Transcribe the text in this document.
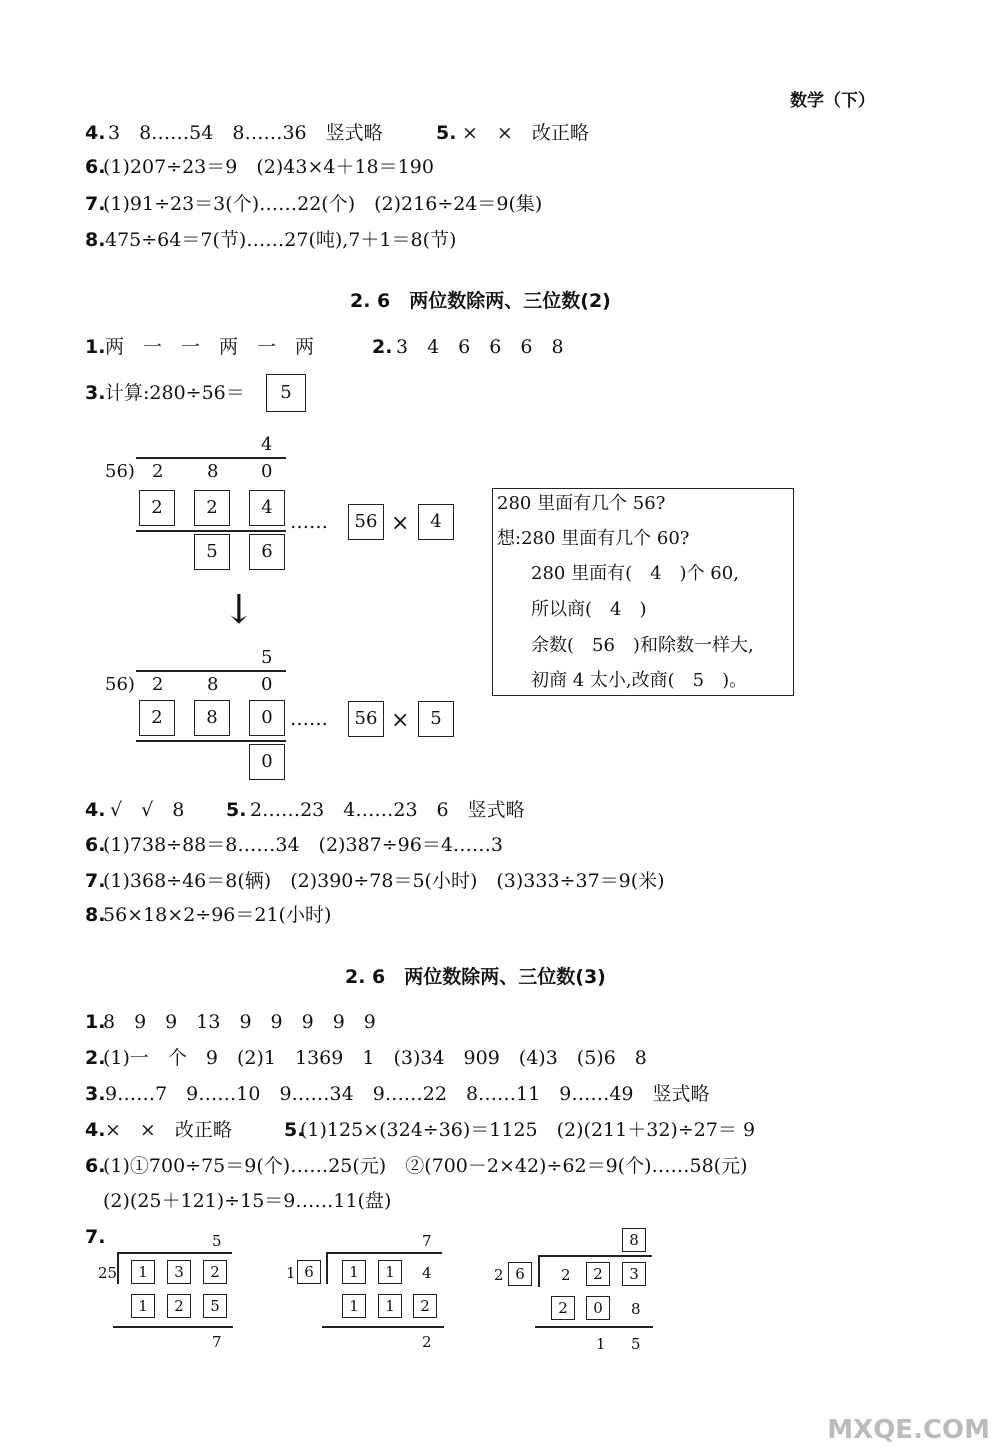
数学（下）
4. 3　8……54　8……36　竖式略	5. ×　×　改正略
6.
(1)207÷23＝9　(2)43×4＋18＝190
7.
(1)91÷23＝3(个)……22(个)　(2)216÷24＝9(集)
8. 475÷64＝7(节)……27(吨),7＋1＝8(节)
2. 6　两位数除两、三位数(2)
1. 两　一　一　两　一　两	2. 3　4　6　6　6　8
3. 计算:280÷56＝	5
4
56) 2 8 0
2	2	4
……	56 ×	4
5	6
↓
5
56) 2 8 0
2	8	0 ……	56 ×	5
0
280 里面有几个 56?
想:280 里面有几个 60?
280 里面有(　4　)个 60,
所以商(　4　)
余数(　56　)和除数一样大,
初商 4 太小,改商(　5　)。
4. √　√　8 5. 2……23　4……23　6　竖式略
6.
(1)738÷88＝8……34　(2)387÷96＝4……3
7.
(1)368÷46＝8(辆)　(2)390÷78＝5(小时)　(3)333÷37＝9(米)
8.
56×18×2÷96＝21(小时)
2. 6　两位数除两、三位数(3)
1.
8　9　9　13　9　9　9　9　9
2.
(1)一　个　9　(2)1　1369　1　(3)34　909　(4)3　(5)6　8
3. 9……7　9……10　9……34　9……22　8……11　9……49　竖式略
4. ×　×　改正略	5.
(1)125×(324÷36)＝1125　(2)(211＋32)÷27＝ 9
6.
(1)①700÷75＝9(个)……25(元)　②(700－2×42)÷62＝9(个)……58(元)
(2)(25＋121)÷15＝9……11(盘)
7.	5
25	1	3	2
1	2	5
7
7
1 6	1	1	4
1	1	2
2
8
2 6	2	2	3
2	0	8
1 5
MXQE.COM
